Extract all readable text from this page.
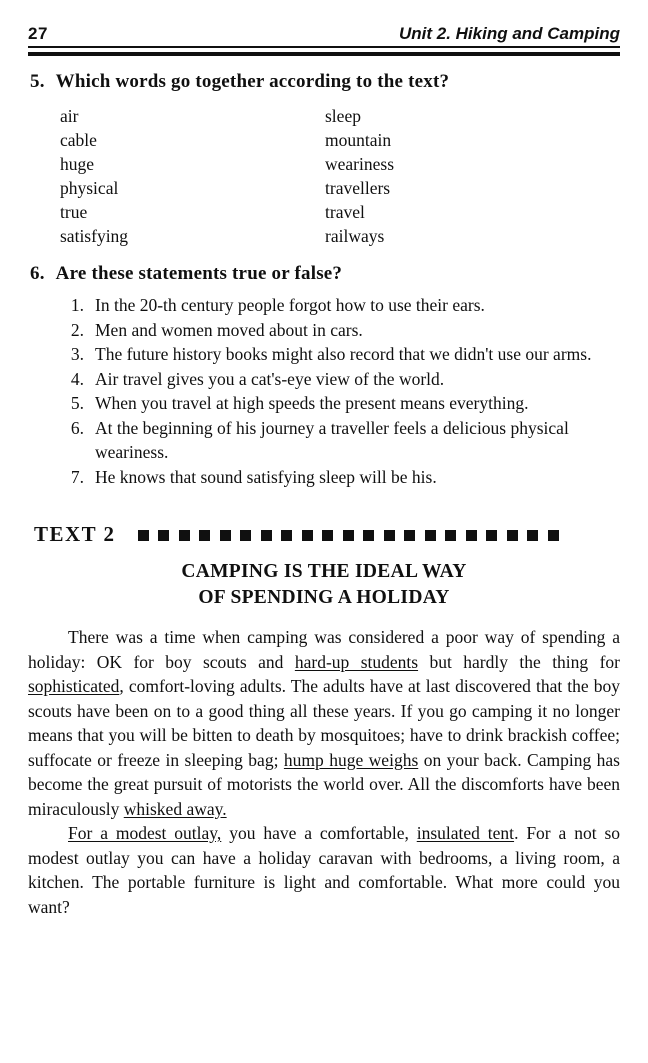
27	Unit 2. Hiking and Camping
5. Which words go together according to the text?
air
cable
huge
physical
true
satisfying
sleep
mountain
weariness
travellers
travel
railways
6. Are these statements true or false?
1. In the 20-th century people forgot how to use their ears.
2. Men and women moved about in cars.
3. The future history books might also record that we didn't use our arms.
4. Air travel gives you a cat's-eye view of the world.
5. When you travel at high speeds the present means everything.
6. At the beginning of his journey a traveller feels a delicious physical weariness.
7. He knows that sound satisfying sleep will be his.
TEXT 2
CAMPING IS THE IDEAL WAY
OF SPENDING A HOLIDAY

There was a time when camping was considered a poor way of spending a holiday: OK for boy scouts and hard-up students but hardly the thing for sophisticated, comfort-loving adults. The adults have at last discovered that the boy scouts have been on to a good thing all these years. If you go camping it no longer means that you will be bitten to death by mosquitoes; have to drink brackish coffee; suffocate or freeze in sleeping bag; hump huge weighs on your back. Camping has become the great pursuit of motorists the world over. All the discomforts have been miraculously whisked away.

For a modest outlay, you have a comfortable, insulated tent. For a not so modest outlay you can have a holiday caravan with bedrooms, a living room, a kitchen. The portable furniture is light and comfortable. What more could you want?
